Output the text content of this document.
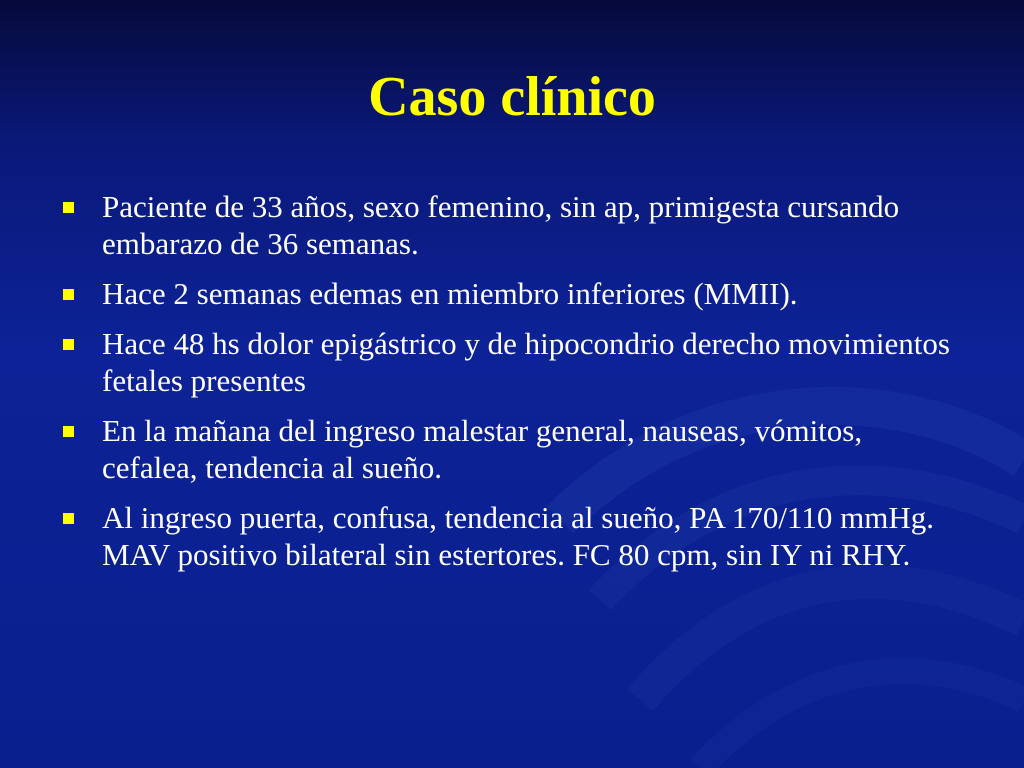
Caso clínico
Paciente de 33 años, sexo femenino, sin ap, primigesta cursando embarazo de 36 semanas.
Hace 2 semanas edemas en miembro inferiores (MMII).
Hace 48 hs dolor epigástrico y de hipocondrio derecho movimientos fetales presentes
En la mañana del ingreso malestar general, nauseas, vómitos, cefalea, tendencia al sueño.
Al ingreso puerta, confusa, tendencia al sueño, PA 170/110 mmHg. MAV positivo bilateral sin estertores. FC 80 cpm, sin IY ni RHY.
